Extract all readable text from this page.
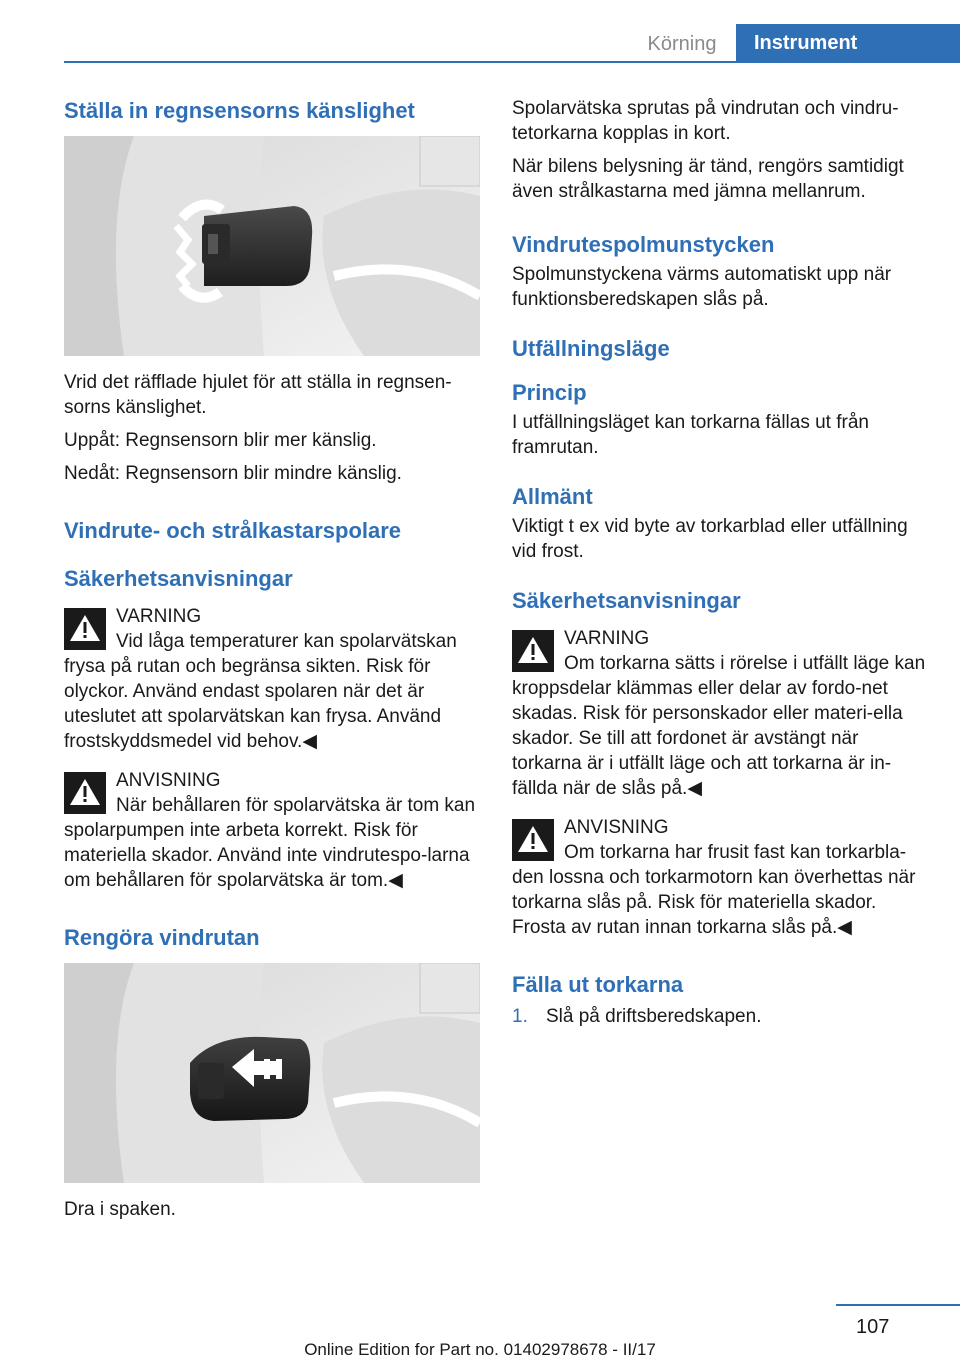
Körning	Instrument
Ställa in regnsensorns känslighet

Vrid det räfflade hjulet för att ställa in regnsen-sorns känslighet.

Uppåt: Regnsensorn blir mer känslig.

Nedåt: Regnsensorn blir mindre känslig.

Vindrute- och strålkastarspolare
Säkerhetsanvisningar
VARNING
Vid låga temperaturer kan spolarvätskan frysa på rutan och begränsa sikten. Risk för olyckor. Använd endast spolaren när det är uteslutet att spolarvätskan kan frysa. Använd frostskyddsmedel vid behov.◀
ANVISNING
När behållaren för spolarvätska är tom kan spolarpumpen inte arbeta korrekt. Risk för materiella skador. Använd inte vindrutespo-larna om behållaren för spolarvätska är tom.◀
Rengöra vindrutan

Dra i spaken.

Spolarvätska sprutas på vindrutan och vindru-tetorkarna kopplas in kort.

När bilens belysning är tänd, rengörs samtidigt även strålkastarna med jämna mellanrum.

Vindrutespolmunstycken

Spolmunstyckena värms automatiskt upp när funktionsberedskapen slås på.

Utfällningsläge
Princip

I utfällningsläget kan torkarna fällas ut från framrutan.

Allmänt

Viktigt t ex vid byte av torkarblad eller utfällning vid frost.

Säkerhetsanvisningar
VARNING
Om torkarna sätts i rörelse i utfällt läge kan kroppsdelar klämmas eller delar av fordo-net skadas. Risk för personskador eller materi-ella skador. Se till att fordonet är avstängt när torkarna är i utfällt läge och att torkarna är in-fällda när de slås på.◀
ANVISNING
Om torkarna har frusit fast kan torkarbla-den lossna och torkarmotorn kan överhettas när torkarna slås på. Risk för materiella skador. Frosta av rutan innan torkarna slås på.◀
Fälla ut torkarna
1. Slå på driftsberedskapen.
107
Online Edition for Part no. 01402978678 - II/17
